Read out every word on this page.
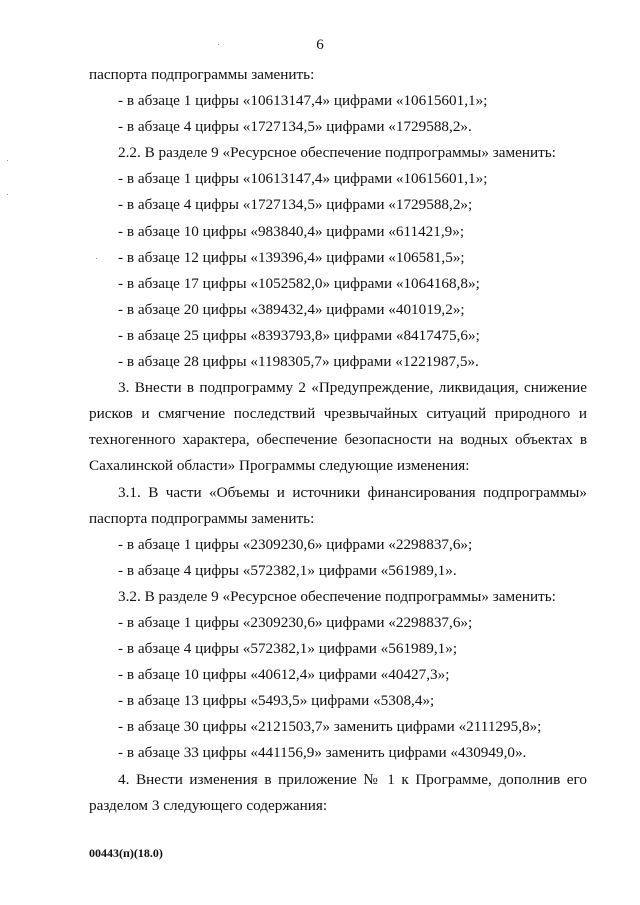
6

паспорта подпрограммы заменить:

- в абзаце 1 цифры «10613147,4» цифрами «10615601,1»;

- в абзаце 4 цифры «1727134,5» цифрами «1729588,2».

2.2. В разделе 9 «Ресурсное обеспечение подпрограммы» заменить:

- в абзаце 1 цифры «10613147,4» цифрами «10615601,1»;

- в абзаце 4 цифры «1727134,5» цифрами «1729588,2»;

- в абзаце 10 цифры «983840,4» цифрами «611421,9»;

- в абзаце 12 цифры «139396,4» цифрами «106581,5»;

- в абзаце 17 цифры «1052582,0» цифрами «1064168,8»;

- в абзаце 20 цифры «389432,4» цифрами «401019,2»;

- в абзаце 25 цифры «8393793,8» цифрами «8417475,6»;

- в абзаце 28 цифры «1198305,7» цифрами «1221987,5».

3. Внести в подпрограмму 2 «Предупреждение, ликвидация, снижение рисков и смягчение последствий чрезвычайных ситуаций природного и техногенного характера, обеспечение безопасности на водных объектах в Сахалинской области» Программы следующие изменения:

3.1. В части «Объемы и источники финансирования подпрограммы» паспорта подпрограммы заменить:

- в абзаце 1 цифры «2309230,6» цифрами «2298837,6»;

- в абзаце 4 цифры «572382,1» цифрами «561989,1».

3.2. В разделе 9 «Ресурсное обеспечение подпрограммы» заменить:

- в абзаце 1 цифры «2309230,6» цифрами «2298837,6»;

- в абзаце 4 цифры «572382,1» цифрами «561989,1»;

- в абзаце 10 цифры «40612,4» цифрами «40427,3»;

- в абзаце 13 цифры «5493,5» цифрами «5308,4»;

- в абзаце 30 цифры «2121503,7» заменить цифрами «2111295,8»;

- в абзаце 33 цифры «441156,9» заменить цифрами «430949,0».

4. Внести изменения в приложение № 1 к Программе, дополнив его разделом 3 следующего содержания:

00443(п)(18.0)
